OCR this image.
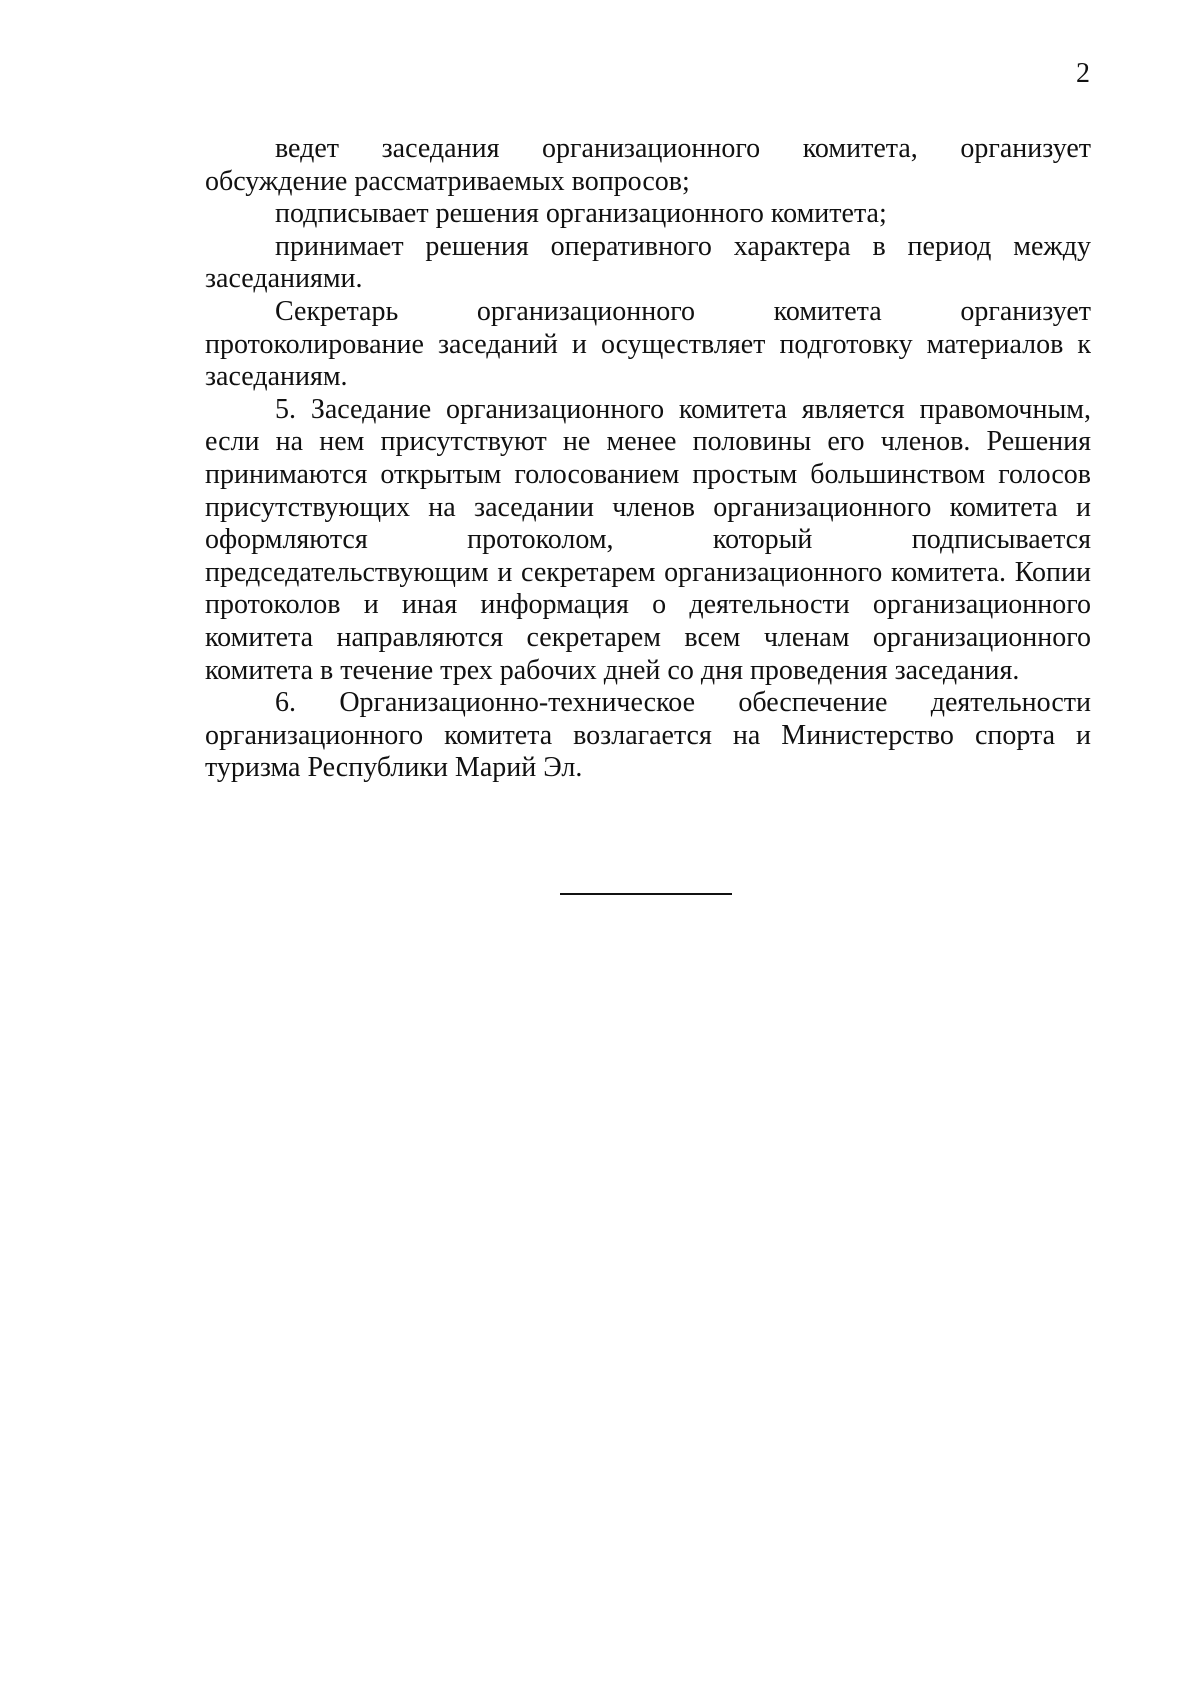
2

ведет заседания организационного комитета, организует обсуждение рассматриваемых вопросов;

подписывает решения организационного комитета;

принимает решения оперативного характера в период между заседаниями.

Секретарь организационного комитета организует протоколирование заседаний и осуществляет подготовку материалов к заседаниям.

5. Заседание организационного комитета является правомочным, если на нем присутствуют не менее половины его членов. Решения принимаются открытым голосованием простым большинством голосов присутствующих на заседании членов организационного комитета и оформляются протоколом, который подписывается председательствующим и секретарем организационного комитета. Копии протоколов и иная информация о деятельности организационного комитета направляются секретарем всем членам организационного комитета в течение трех рабочих дней со дня проведения заседания.

6. Организационно-техническое обеспечение деятельности организационного комитета возлагается на Министерство спорта и туризма Республики Марий Эл.
